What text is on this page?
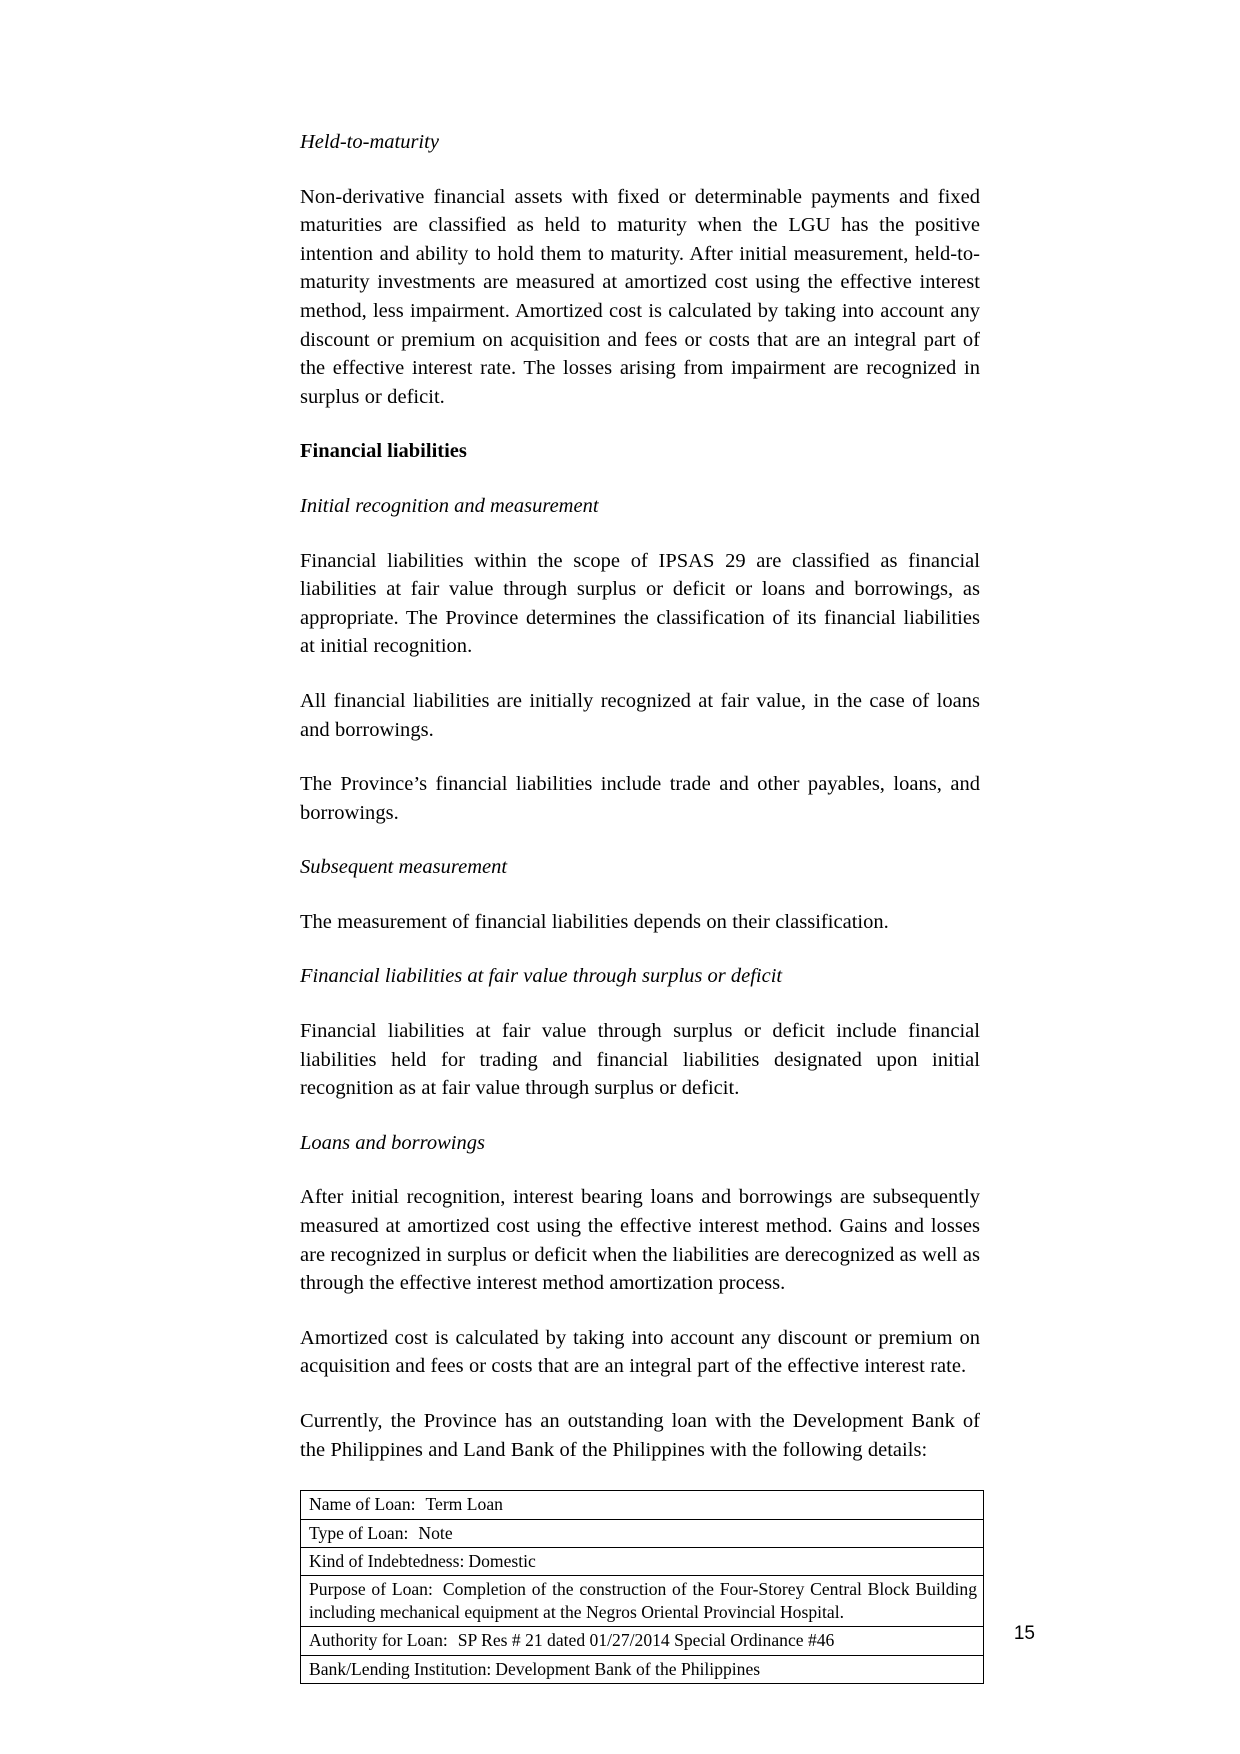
Held-to-maturity

Non-derivative financial assets with fixed or determinable payments and fixed maturities are classified as held to maturity when the LGU has the positive intention and ability to hold them to maturity. After initial measurement, held-to-maturity investments are measured at amortized cost using the effective interest method, less impairment. Amortized cost is calculated by taking into account any discount or premium on acquisition and fees or costs that are an integral part of the effective interest rate. The losses arising from impairment are recognized in surplus or deficit.

Financial liabilities
Initial recognition and measurement

Financial liabilities within the scope of IPSAS 29 are classified as financial liabilities at fair value through surplus or deficit or loans and borrowings, as appropriate. The Province determines the classification of its financial liabilities at initial recognition.

All financial liabilities are initially recognized at fair value, in the case of loans and borrowings.

The Province’s financial liabilities include trade and other payables, loans, and borrowings.

Subsequent measurement

The measurement of financial liabilities depends on their classification.

Financial liabilities at fair value through surplus or deficit

Financial liabilities at fair value through surplus or deficit include financial liabilities held for trading and financial liabilities designated upon initial recognition as at fair value through surplus or deficit.

Loans and borrowings

After initial recognition, interest bearing loans and borrowings are subsequently measured at amortized cost using the effective interest method. Gains and losses are recognized in surplus or deficit when the liabilities are derecognized as well as through the effective interest method amortization process.

Amortized cost is calculated by taking into account any discount or premium on acquisition and fees or costs that are an integral part of the effective interest rate.

Currently, the Province has an outstanding loan with the Development Bank of the Philippines and Land Bank of the Philippines with the following details:

Name of Loan: Term Loan
Type of Loan: Note
Kind of Indebtedness: Domestic
Purpose of Loan: Completion of the construction of the Four-Storey Central Block Building including mechanical equipment at the Negros Oriental Provincial Hospital.
Authority for Loan: SP Res # 21 dated 01/27/2014 Special Ordinance #46
Bank/Lending Institution: Development Bank of the Philippines
15
